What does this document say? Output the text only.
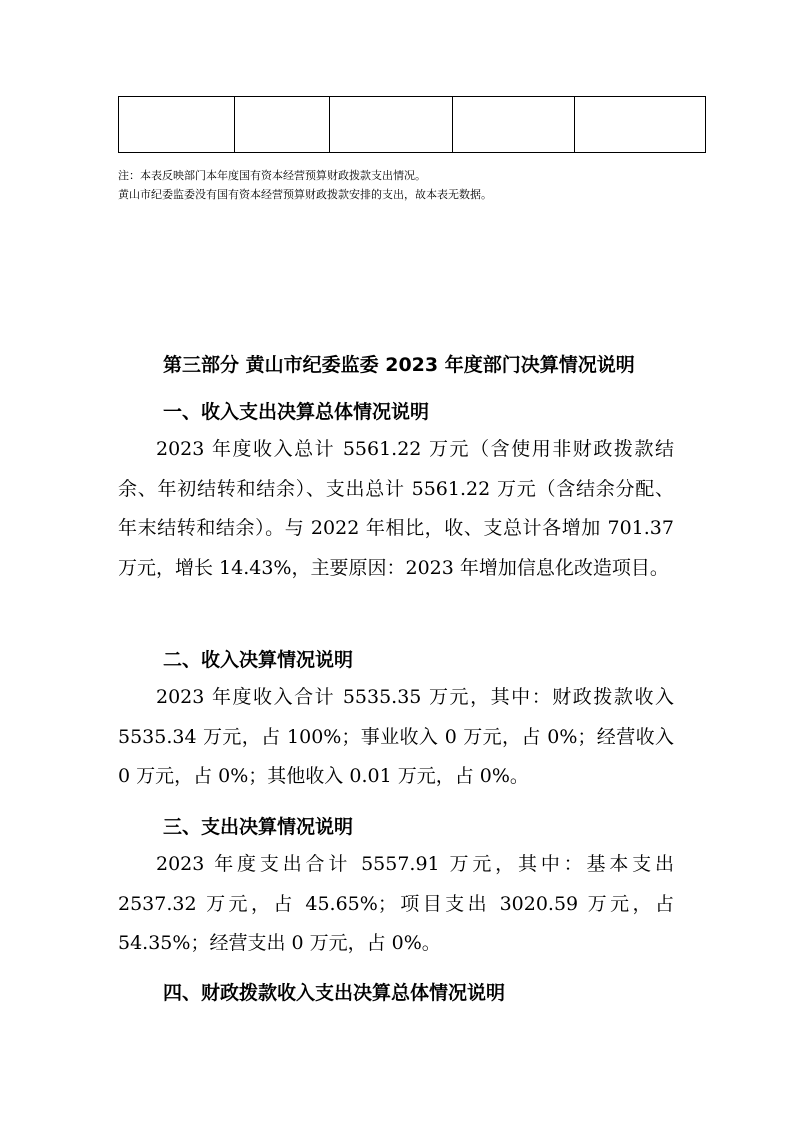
注：本表反映部门本年度国有资本经营预算财政拨款支出情况。
黄山市纪委监委没有国有资本经营预算财政拨款安排的支出，故本表无数据。
第三部分 黄山市纪委监委 2023 年度部门决算情况说明
一、收入支出决算总体情况说明
2023 年度收入总计 5561.22 万元（含使用非财政拨款结余、年初结转和结余）、支出总计 5561.22 万元（含结余分配、年末结转和结余）。与 2022 年相比，收、支总计各增加 701.37 万元，增长 14.43%，主要原因：2023 年增加信息化改造项目。
二、收入决算情况说明
2023 年度收入合计 5535.35 万元，其中：财政拨款收入 5535.34 万元，占 100%；事业收入 0 万元，占 0%；经营收入 0 万元，占 0%；其他收入 0.01 万元，占 0%。
三、支出决算情况说明
2023 年度支出合计 5557.91 万元，其中：基本支出 2537.32 万元，占 45.65%；项目支出 3020.59 万元，占 54.35%；经营支出 0 万元，占 0%。
四、财政拨款收入支出决算总体情况说明
